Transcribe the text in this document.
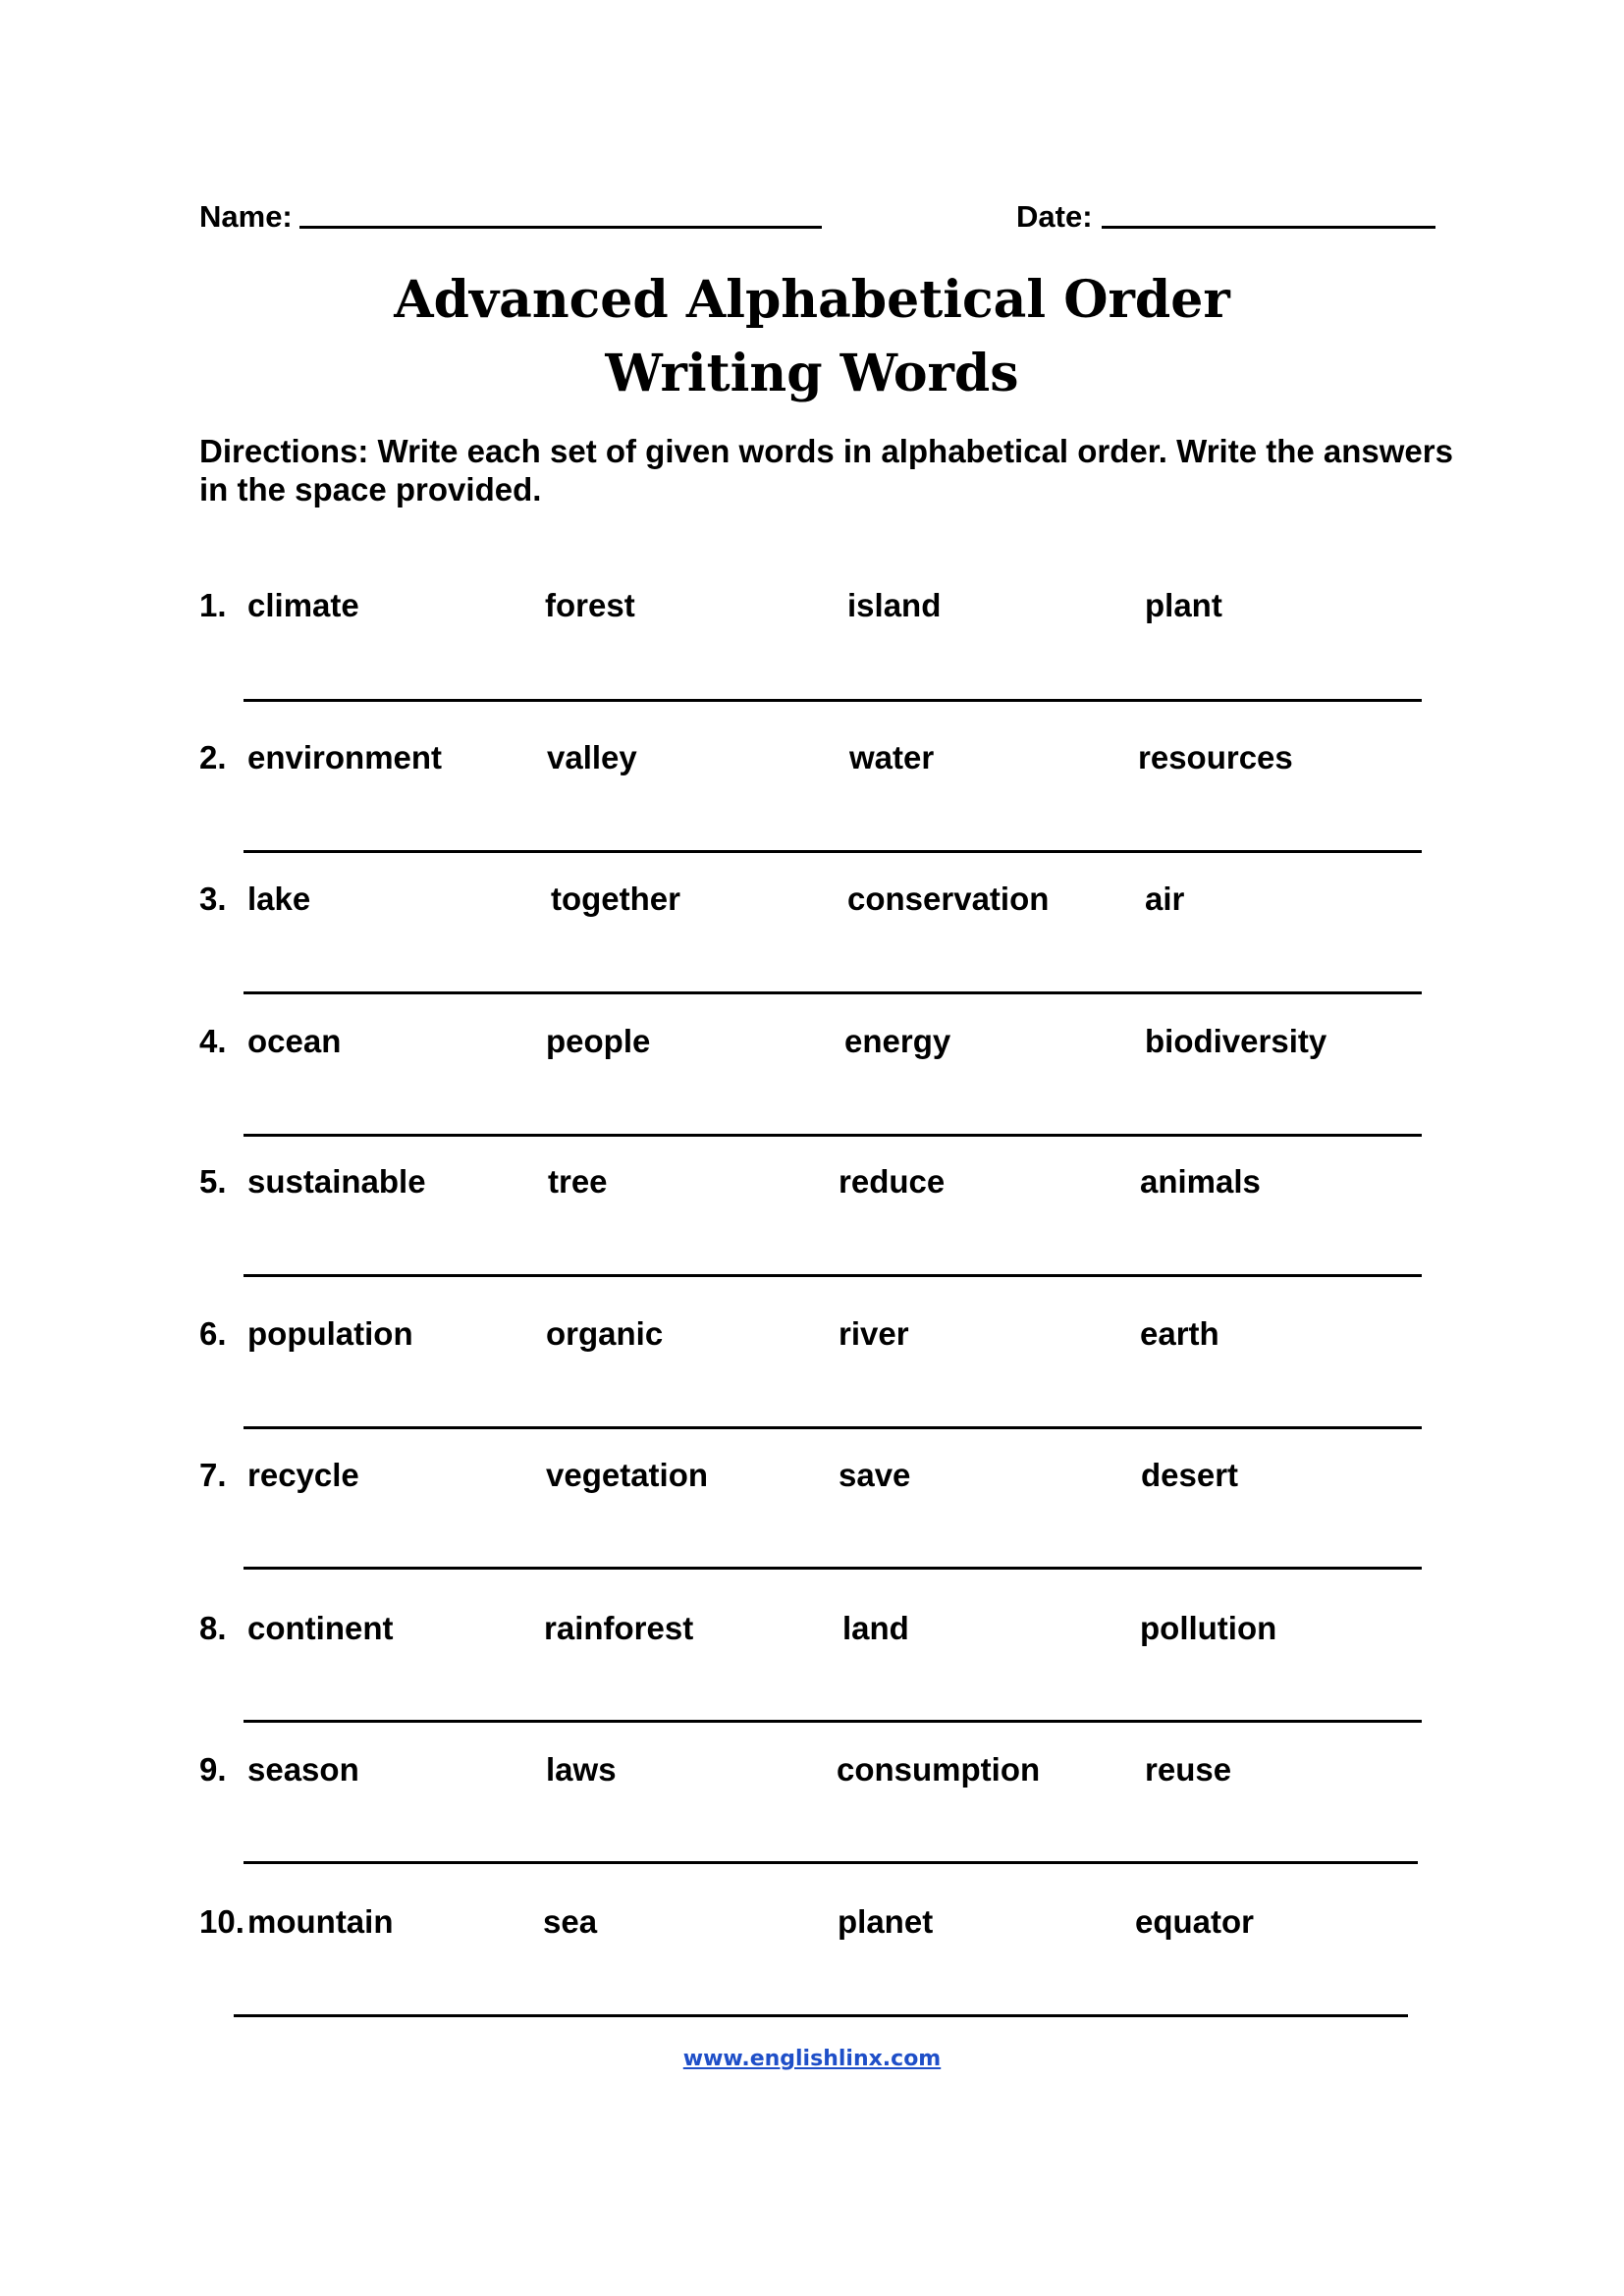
Name:	Date:
Advanced Alphabetical Order
Writing Words
Directions: Write each set of given words in alphabetical order. Write the answers in the space provided.
1. climate	forest	island	plant
2. environment	valley	water	resources
3. lake	together	conservation	air
4. ocean	people	energy	biodiversity
5. sustainable	tree	reduce	animals
6. population	organic	river	earth
7. recycle	vegetation	save	desert
8. continent	rainforest	land	pollution
9. season	laws	consumption	reuse
10. mountain	sea	planet	equator
www.englishlinx.com
